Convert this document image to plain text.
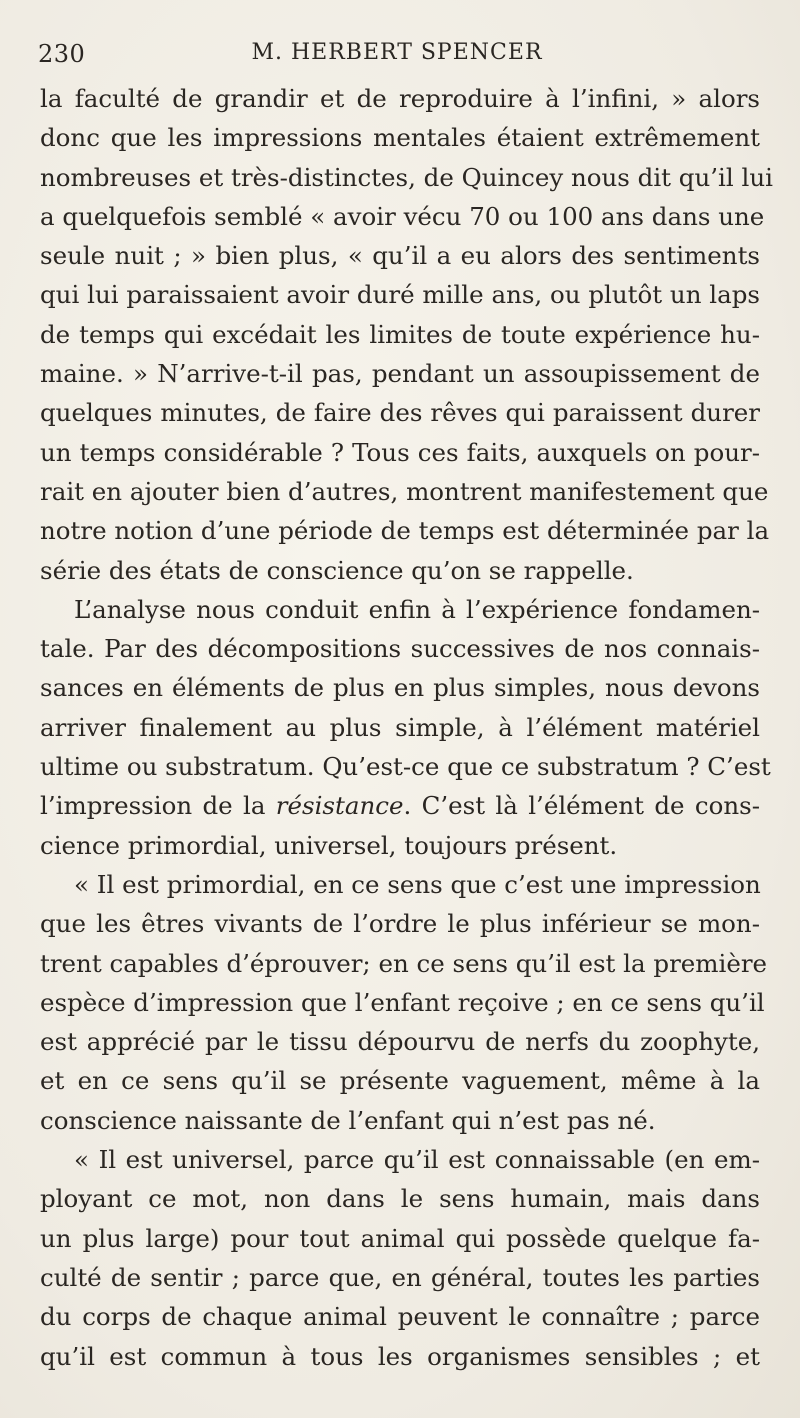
230	M. HERBERT SPENCER
la faculté de grandir et de reproduire à l’infini, » alors
donc que les impressions mentales étaient extrêmement
nombreuses et très-distinctes, de Quincey nous dit qu’il lui
a quelquefois semblé « avoir vécu 70 ou 100 ans dans une
seule nuit ; » bien plus, « qu’il a eu alors des sentiments
qui lui paraissaient avoir duré mille ans, ou plutôt un laps
de temps qui excédait les limites de toute expérience hu-
maine. » N’arrive-t-il pas, pendant un assoupissement de
quelques minutes, de faire des rêves qui paraissent durer
un temps considérable ? Tous ces faits, auxquels on pour-
rait en ajouter bien d’autres, montrent manifestement que
notre notion d’une période de temps est déterminée par la
série des états de conscience qu’on se rappelle.
L’analyse nous conduit enfin à l’expérience fondamen-
tale. Par des décompositions successives de nos connais-
sances en éléments de plus en plus simples, nous devons
arriver finalement au plus simple, à l’élément matériel
ultime ou substratum. Qu’est-ce que ce substratum ? C’est
l’impression de la résistance. C’est là l’élément de cons-
cience primordial, universel, toujours présent.
« Il est primordial, en ce sens que c’est une impression
que les êtres vivants de l’ordre le plus inférieur se mon-
trent capables d’éprouver; en ce sens qu’il est la première
espèce d’impression que l’enfant reçoive ; en ce sens qu’il
est apprécié par le tissu dépourvu de nerfs du zoophyte,
et en ce sens qu’il se présente vaguement, même à la
conscience naissante de l’enfant qui n’est pas né.
« Il est universel, parce qu’il est connaissable (en em-
ployant ce mot, non dans le sens humain, mais dans
un plus large) pour tout animal qui possède quelque fa-
culté de sentir ; parce que, en général, toutes les parties
du corps de chaque animal peuvent le connaître ; parce
qu’il est commun à tous les organismes sensibles ; et
